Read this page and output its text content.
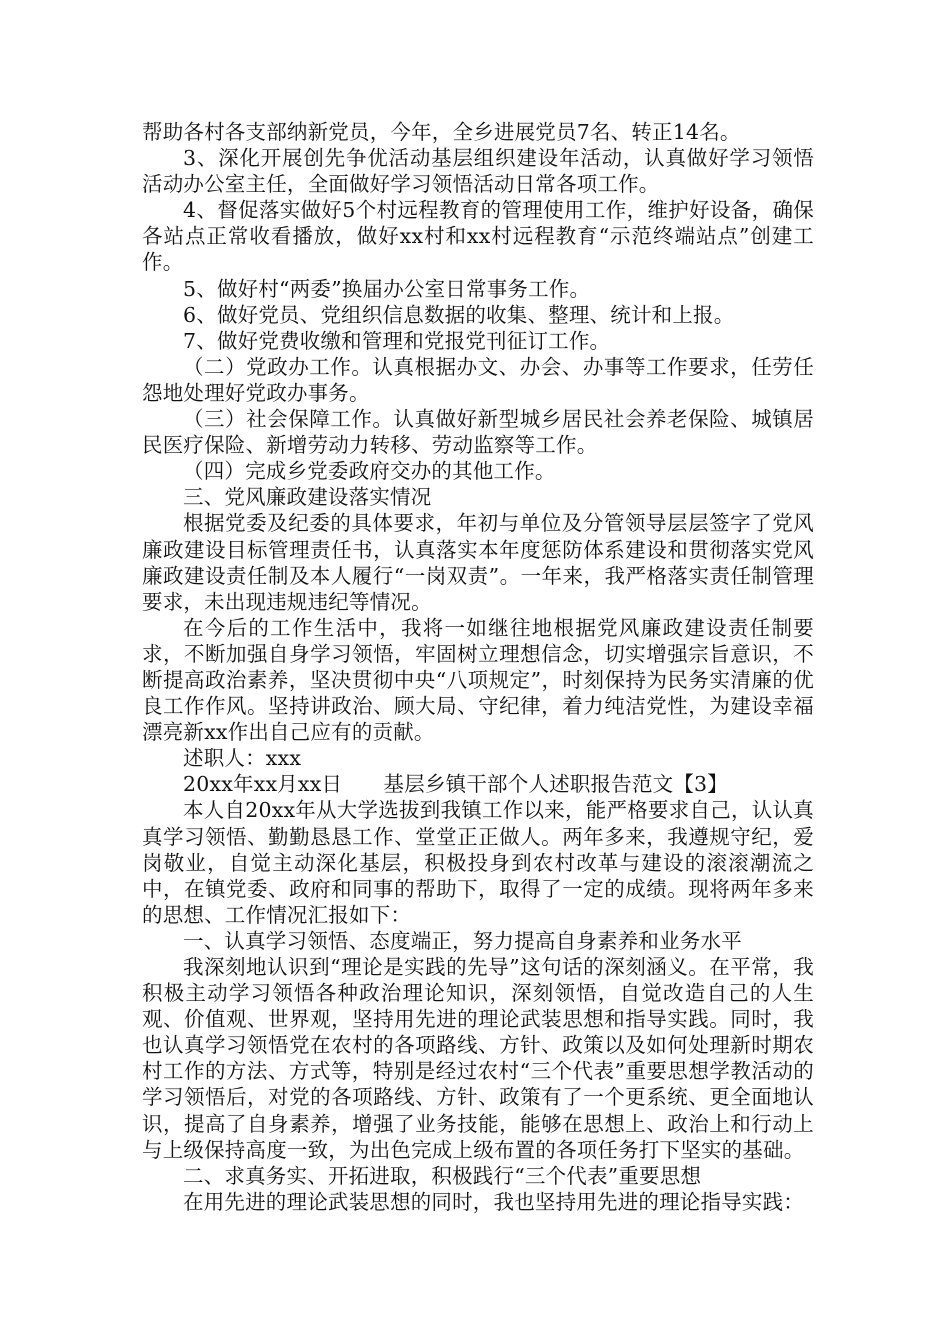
帮助各村各支部纳新党员，今年，全乡进展党员7名、转正14名。

3、深化开展创先争优活动基层组织建设年活动，认真做好学习领悟活动办公室主任，全面做好学习领悟活动日常各项工作。

4、督促落实做好5个村远程教育的管理使用工作，维护好设备，确保各站点正常收看播放，做好xx村和xx村远程教育“示范终端站点”创建工作。

5、做好村“两委”换届办公室日常事务工作。

6、做好党员、党组织信息数据的收集、整理、统计和上报。

7、做好党费收缴和管理和党报党刊征订工作。

（二）党政办工作。认真根据办文、办会、办事等工作要求，任劳任怨地处理好党政办事务。

（三）社会保障工作。认真做好新型城乡居民社会养老保险、城镇居民医疗保险、新增劳动力转移、劳动监察等工作。

（四）完成乡党委政府交办的其他工作。

三、党风廉政建设落实情况

根据党委及纪委的具体要求，年初与单位及分管领导层层签字了党风廉政建设目标管理责任书，认真落实本年度惩防体系建设和贯彻落实党风廉政建设责任制及本人履行“一岗双责”。一年来，我严格落实责任制管理要求，未出现违规违纪等情况。

在今后的工作生活中，我将一如继往地根据党风廉政建设责任制要求，不断加强自身学习领悟，牢固树立理想信念，切实增强宗旨意识，不断提高政治素养，坚决贯彻中央“八项规定”，时刻保持为民务实清廉的优良工作作风。坚持讲政治、顾大局、守纪律，着力纯洁党性，为建设幸福漂亮新xx作出自己应有的贡献。

述职人：xxx

20xx年xx月xx日　　基层乡镇干部个人述职报告范文【3】

本人自20xx年从大学选拔到我镇工作以来，能严格要求自己，认认真真学习领悟、勤勤恳恳工作、堂堂正正做人。两年多来，我遵规守纪，爱岗敬业，自觉主动深化基层，积极投身到农村改革与建设的滚滚潮流之中，在镇党委、政府和同事的帮助下，取得了一定的成绩。现将两年多来的思想、工作情况汇报如下：

一、认真学习领悟、态度端正，努力提高自身素养和业务水平

我深刻地认识到“理论是实践的先导”这句话的深刻涵义。在平常，我积极主动学习领悟各种政治理论知识，深刻领悟，自觉改造自己的人生观、价值观、世界观，坚持用先进的理论武装思想和指导实践。同时，我也认真学习领悟党在农村的各项路线、方针、政策以及如何处理新时期农村工作的方法、方式等，特别是经过农村“三个代表”重要思想学教活动的学习领悟后，对党的各项路线、方针、政策有了一个更系统、更全面地认识，提高了自身素养，增强了业务技能，能够在思想上、政治上和行动上与上级保持高度一致，为出色完成上级布置的各项任务打下坚实的基础。

二、求真务实、开拓进取，积极践行“三个代表”重要思想

在用先进的理论武装思想的同时，我也坚持用先进的理论指导实践：
